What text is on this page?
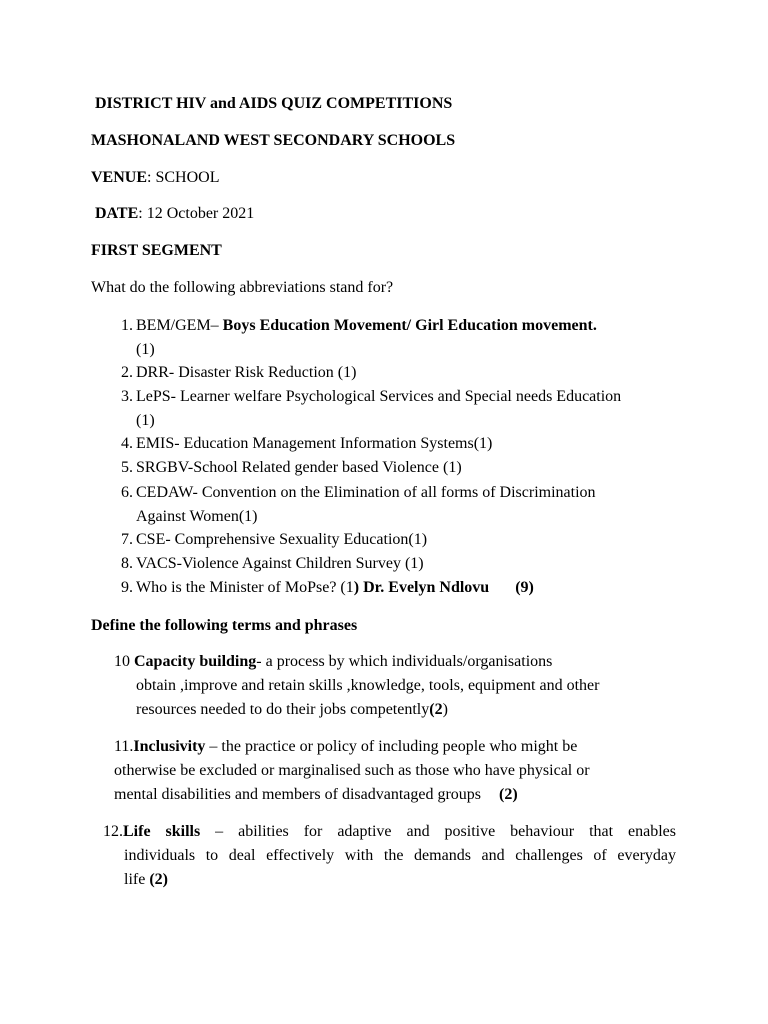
DISTRICT HIV and AIDS QUIZ COMPETITIONS
MASHONALAND WEST SECONDARY SCHOOLS
VENUE: SCHOOL
DATE: 12 October 2021
FIRST SEGMENT
What do the following abbreviations stand for?
1. BEM/GEM– Boys Education Movement/ Girl Education movement.
(1)
2. DRR- Disaster Risk Reduction (1)
3. LePS- Learner welfare Psychological Services and Special needs Education
(1)
4. EMIS- Education Management Information Systems(1)
5. SRGBV-School Related gender based Violence (1)
6. CEDAW- Convention on the Elimination of all forms of Discrimination
Against Women(1)
7. CSE- Comprehensive Sexuality Education(1)
8. VACS-Violence Against Children Survey (1)
9. Who is the Minister of MoPse? (1) Dr. Evelyn Ndlovu (9)
Define the following terms and phrases
10 Capacity building- a process by which individuals/organisations
obtain ,improve and retain skills ,knowledge, tools, equipment and other
resources needed to do their jobs competently(2)
11.Inclusivity – the practice or policy of including people who might be
otherwise be excluded or marginalised such as those who have physical or
mental disabilities and members of disadvantaged groups (2)
12.Life skills – abilities for adaptive and positive behaviour that enables
individuals to deal effectively with the demands and challenges of everyday
life (2)
